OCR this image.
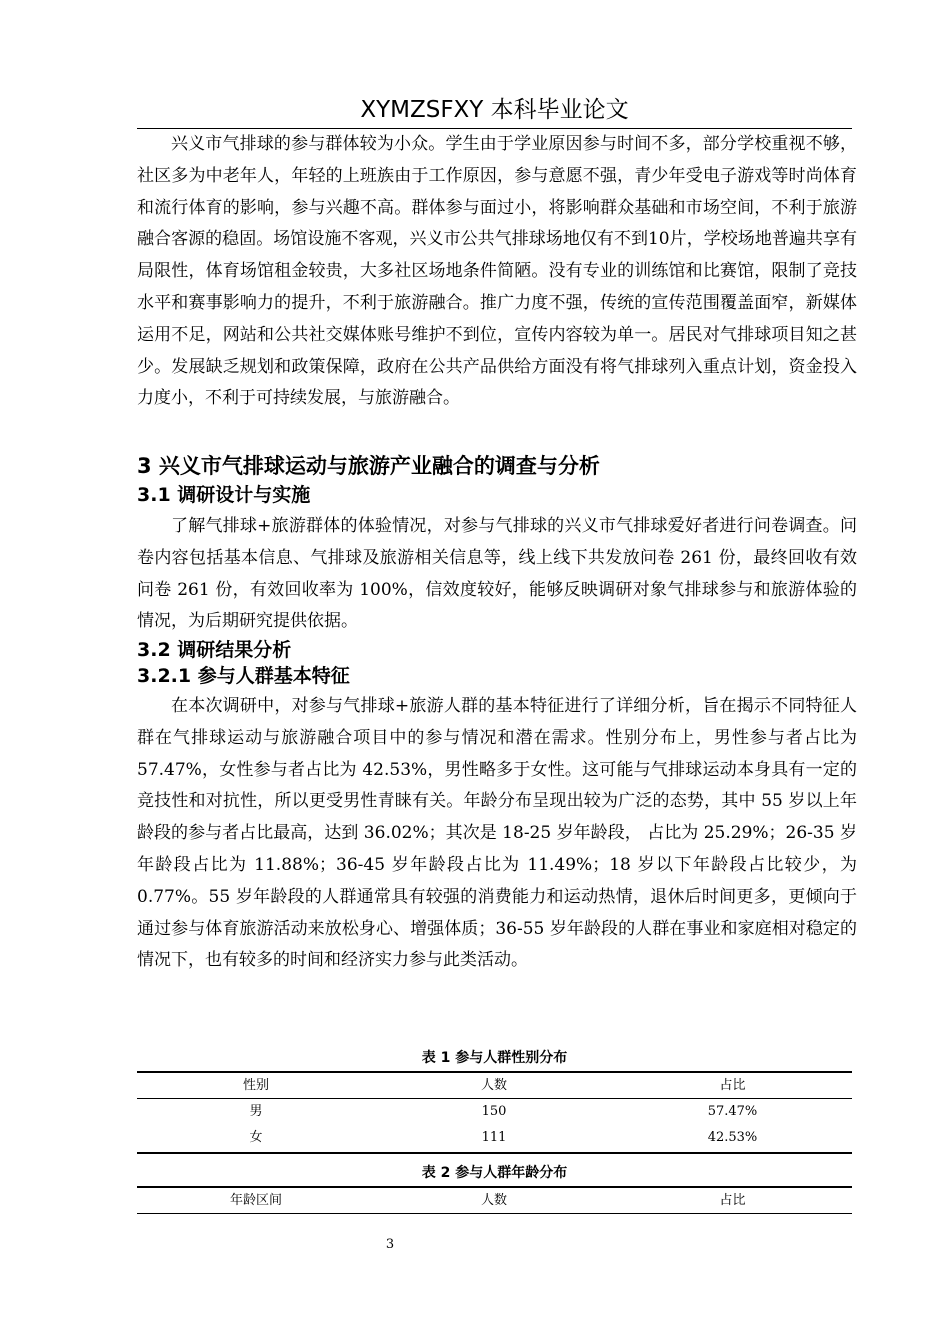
XYMZSFXY 本科毕业论文

兴义市气排球的参与群体较为小众。学生由于学业原因参与时间不多，部分学校重视不够，社区多为中老年人，年轻的上班族由于工作原因，参与意愿不强，青少年受电子游戏等时尚体育和流行体育的影响，参与兴趣不高。群体参与面过小，将影响群众基础和市场空间，不利于旅游融合客源的稳固。场馆设施不客观，兴义市公共气排球场地仅有不到10片，学校场地普遍共享有局限性，体育场馆租金较贵，大多社区场地条件简陋。没有专业的训练馆和比赛馆，限制了竞技水平和赛事影响力的提升，不利于旅游融合。推广力度不强，传统的宣传范围覆盖面窄，新媒体运用不足，网站和公共社交媒体账号维护不到位，宣传内容较为单一。居民对气排球项目知之甚少。发展缺乏规划和政策保障，政府在公共产品供给方面没有将气排球列入重点计划，资金投入力度小，不利于可持续发展，与旅游融合。

3 兴义市气排球运动与旅游产业融合的调查与分析
3.1 调研设计与实施

了解气排球+旅游群体的体验情况，对参与气排球的兴义市气排球爱好者进行问卷调查。问卷内容包括基本信息、气排球及旅游相关信息等，线上线下共发放问卷 261 份，最终回收有效问卷 261 份，有效回收率为 100%，信效度较好，能够反映调研对象气排球参与和旅游体验的情况，为后期研究提供依据。

3.2 调研结果分析
3.2.1 参与人群基本特征

在本次调研中，对参与气排球+旅游人群的基本特征进行了详细分析，旨在揭示不同特征人群在气排球运动与旅游融合项目中的参与情况和潜在需求。性别分布上，男性参与者占比为 57.47%，女性参与者占比为 42.53%，男性略多于女性。这可能与气排球运动本身具有一定的竞技性和对抗性，所以更受男性青睐有关。年龄分布呈现出较为广泛的态势，其中 55 岁以上年龄段的参与者占比最高，达到 36.02%；其次是 18-25 岁年龄段， 占比为 25.29%；26-35 岁年龄段占比为 11.88%；36-45 岁年龄段占比为 11.49%；18 岁以下年龄段占比较少，为 0.77%。55 岁年龄段的人群通常具有较强的消费能力和运动热情，退休后时间更多，更倾向于通过参与体育旅游活动来放松身心、增强体质；36-55 岁年龄段的人群在事业和家庭相对稳定的情况下，也有较多的时间和经济实力参与此类活动。

表 1 参与人群性别分布
性别	人数	占比
男	150	57.47%
女	111	42.53%
表 2 参与人群年龄分布
年龄区间	人数	占比
3
